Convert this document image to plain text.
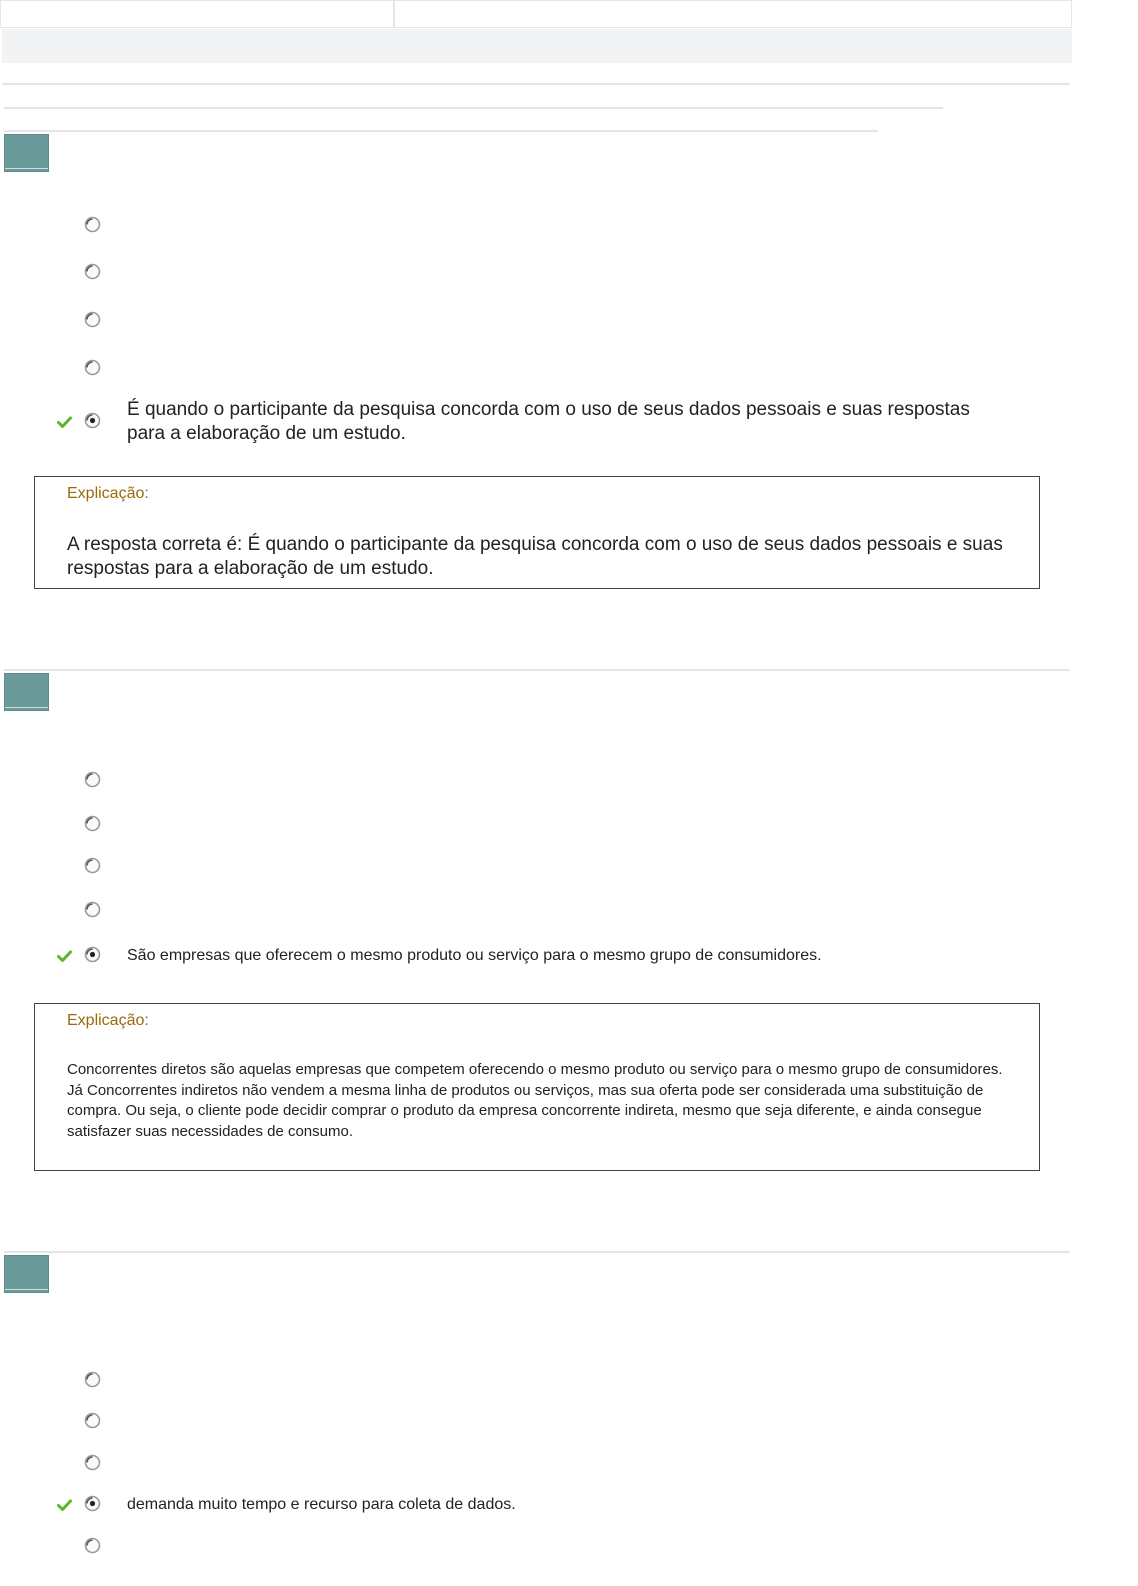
É quando o participante da pesquisa concorda com o uso de seus dados pessoais e suas respostas para a elaboração de um estudo.
Explicação:
A resposta correta é: É quando o participante da pesquisa concorda com o uso de seus dados pessoais e suas respostas para a elaboração de um estudo.
São empresas que oferecem o mesmo produto ou serviço para o mesmo grupo de consumidores.
Explicação:
Concorrentes diretos são aquelas empresas que competem oferecendo o mesmo produto ou serviço para o mesmo grupo de consumidores. Já Concorrentes indiretos não vendem a mesma linha de produtos ou serviços, mas sua oferta pode ser considerada uma substituição de compra. Ou seja, o cliente pode decidir comprar o produto da empresa concorrente indireta, mesmo que seja diferente, e ainda consegue satisfazer suas necessidades de consumo.
demanda muito tempo e recurso para coleta de dados.
